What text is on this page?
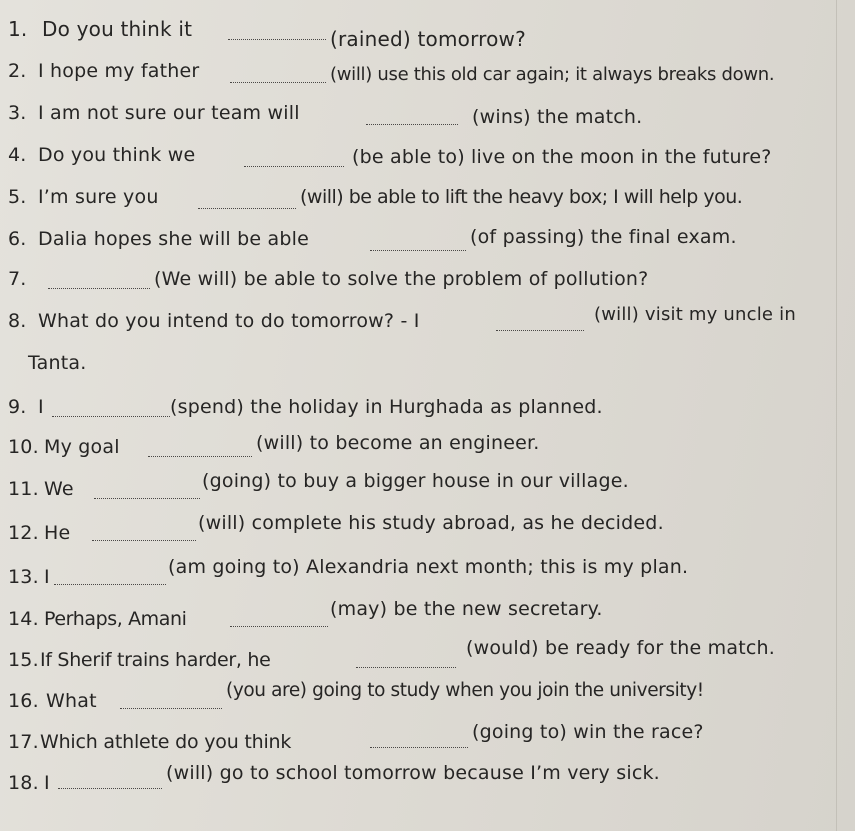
1. Do you think it	(rained) tomorrow?
2. I hope my father	(will) use this old car again; it always breaks down.
3. I am not sure our team will	(wins) the match.
4. Do you think we	(be able to) live on the moon in the future?
5. I’m sure you	(will) be able to lift the heavy box; I will help you.
6. Dalia hopes she will be able	(of passing) the final exam.
7.	(We will) be able to solve the problem of pollution?
8. What do you intend to do tomorrow? - I	(will) visit my uncle in
Tanta.
9. I	(spend) the holiday in Hurghada as planned.
10. My goal	(will) to become an engineer.
11. We	(going) to buy a bigger house in our village.
12. He	(will) complete his study abroad, as he decided.
13. I	(am going to) Alexandria next month; this is my plan.
14. Perhaps, Amani	(may) be the new secretary.
15. If Sherif trains harder, he
(would) be ready for the match.
16. What	(you are) going to study when you join the university!
17. Which athlete do you think	(going to) win the race?
18. I	(will) go to school tomorrow because I’m very sick.
